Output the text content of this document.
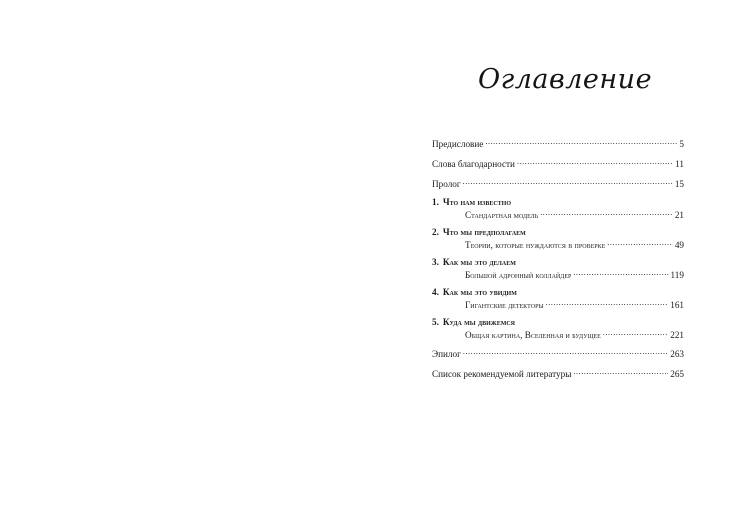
Оглавление
Предисловие .....	5
Слова благодарности .....	11
Пролог .....	15
1. Что нам известно
Стандартная модель .....	21
2. Что мы предполагаем
Теории, которые нуждаются в проверке .....	49
3. Как мы это делаем
Большой адронный коллайдер .....	119
4. Как мы это увидим
Гигантские детекторы .....	161
5. Куда мы движемся
Общая картина, Вселенная и будущее .....	221
Эпилог .....	263
Список рекомендуемой литературы .....	265
